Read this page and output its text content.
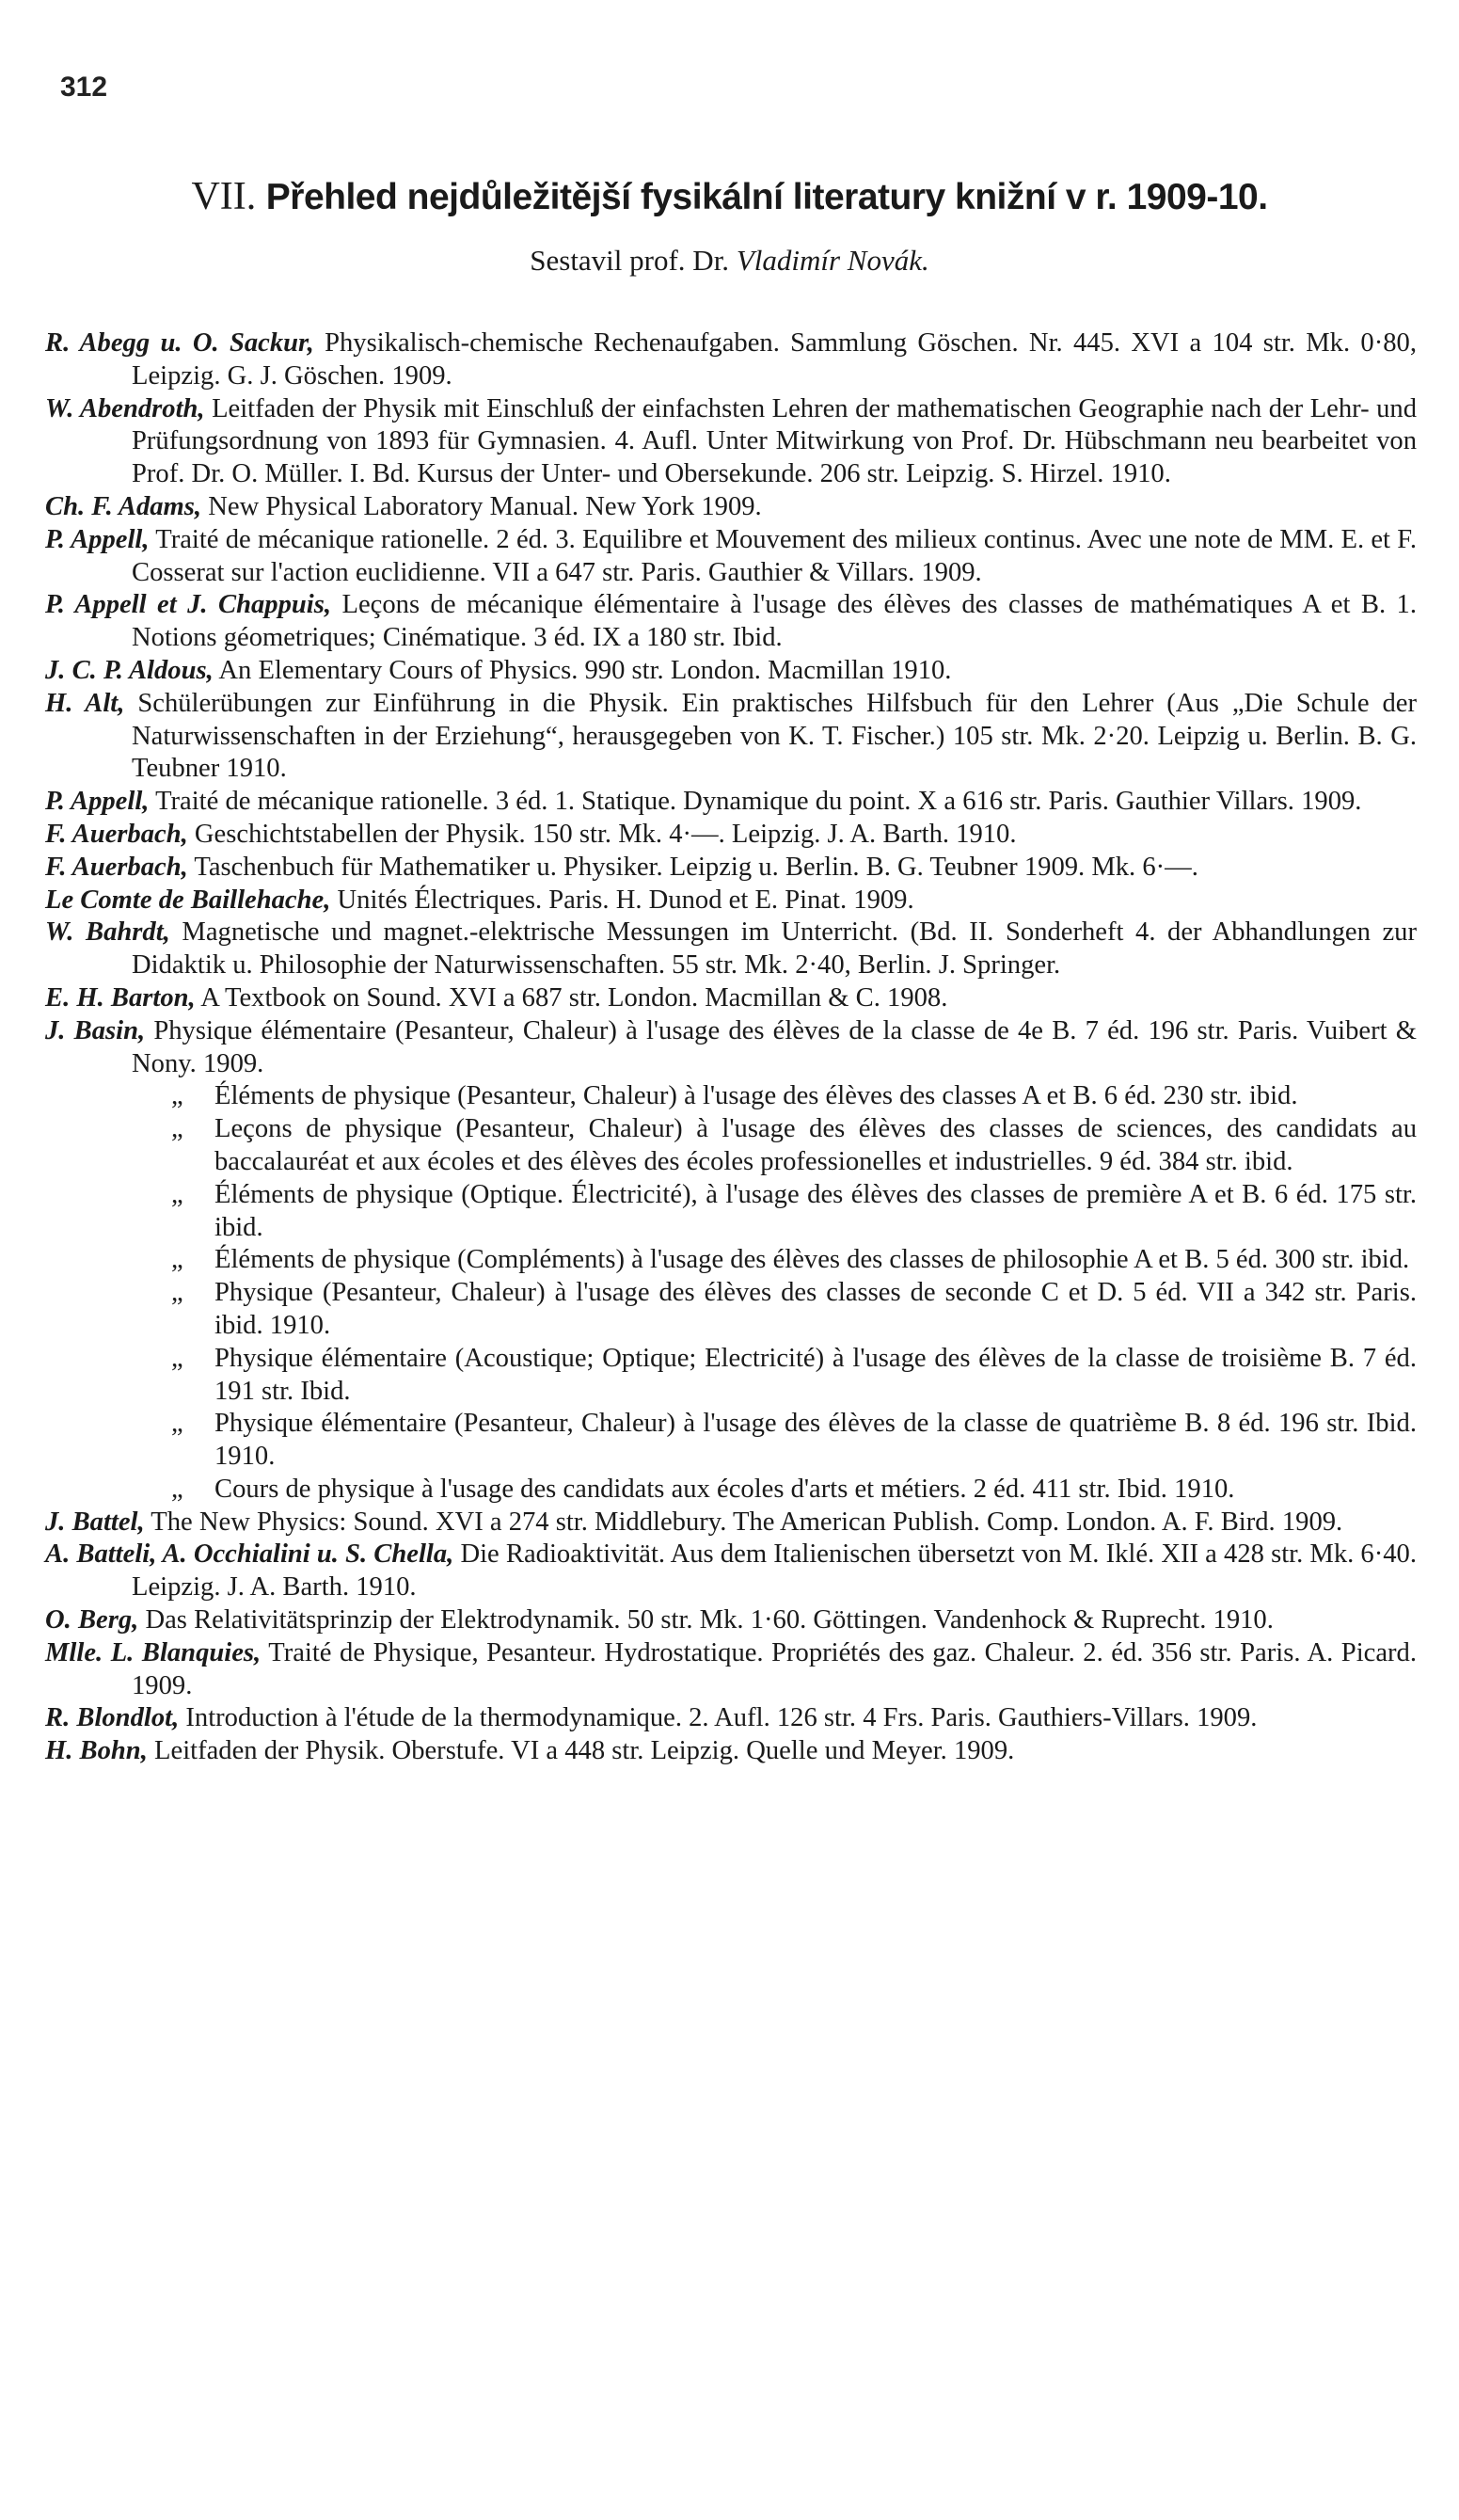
312
VII. Přehled nejdůležitější fysikální literatury knižní v r. 1909-10.
Sestavil prof. Dr. Vladimír Novák.

R. Abegg u. O. Sackur, Physikalisch-chemische Rechenaufgaben. Sammlung Göschen. Nr. 445. XVI a 104 str. Mk. 0·80, Leipzig. G. J. Göschen. 1909.

W. Abendroth, Leitfaden der Physik mit Einschluß der einfachsten Lehren der mathematischen Geographie nach der Lehr- und Prüfungsordnung von 1893 für Gymnasien. 4. Aufl. Unter Mitwirkung von Prof. Dr. Hübschmann neu bearbeitet von Prof. Dr. O. Müller. I. Bd. Kursus der Unter- und Obersekunde. 206 str. Leipzig. S. Hirzel. 1910.

Ch. F. Adams, New Physical Laboratory Manual. New York 1909.

P. Appell, Traité de mécanique rationelle. 2 éd. 3. Equilibre et Mouvement des milieux continus. Avec une note de MM. E. et F. Cosserat sur l'action euclidienne. VII a 647 str. Paris. Gauthier & Villars. 1909.

P. Appell et J. Chappuis, Leçons de mécanique élémentaire à l'usage des élèves des classes de mathématiques A et B. 1. Notions géometriques; Cinématique. 3 éd. IX a 180 str. Ibid.

J. C. P. Aldous, An Elementary Cours of Physics. 990 str. London. Macmillan 1910.

H. Alt, Schülerübungen zur Einführung in die Physik. Ein praktisches Hilfsbuch für den Lehrer (Aus „Die Schule der Naturwissenschaften in der Erziehung“, herausgegeben von K. T. Fischer.) 105 str. Mk. 2·20. Leipzig u. Berlin. B. G. Teubner 1910.

P. Appell, Traité de mécanique rationelle. 3 éd. 1. Statique. Dynamique du point. X a 616 str. Paris. Gauthier Villars. 1909.

F. Auerbach, Geschichtstabellen der Physik. 150 str. Mk. 4·—. Leipzig. J. A. Barth. 1910.

F. Auerbach, Taschenbuch für Mathematiker u. Physiker. Leipzig u. Berlin. B. G. Teubner 1909. Mk. 6·—.

Le Comte de Baillehache, Unités Électriques. Paris. H. Dunod et E. Pinat. 1909.

W. Bahrdt, Magnetische und magnet.-elektrische Messungen im Unterricht. (Bd. II. Sonderheft 4. der Abhandlungen zur Didaktik u. Philosophie der Naturwissenschaften. 55 str. Mk. 2·40, Berlin. J. Springer.

E. H. Barton, A Textbook on Sound. XVI a 687 str. London. Macmillan & C. 1908.

J. Basin, Physique élémentaire (Pesanteur, Chaleur) à l'usage des élèves de la classe de 4e B. 7 éd. 196 str. Paris. Vuibert & Nony. 1909.

„ Éléments de physique (Pesanteur, Chaleur) à l'usage des élèves des classes A et B. 6 éd. 230 str. ibid.

„ Leçons de physique (Pesanteur, Chaleur) à l'usage des élèves des classes de sciences, des candidats au baccalauréat et aux écoles et des élèves des écoles professionelles et industrielles. 9 éd. 384 str. ibid.

„ Éléments de physique (Optique. Électricité), à l'usage des élèves des classes de première A et B. 6 éd. 175 str. ibid.

„ Éléments de physique (Compléments) à l'usage des élèves des classes de philosophie A et B. 5 éd. 300 str. ibid.

„ Physique (Pesanteur, Chaleur) à l'usage des élèves des classes de seconde C et D. 5 éd. VII a 342 str. Paris. ibid. 1910.

„ Physique élémentaire (Acoustique; Optique; Electricité) à l'usage des élèves de la classe de troisième B. 7 éd. 191 str. Ibid.

„ Physique élémentaire (Pesanteur, Chaleur) à l'usage des élèves de la classe de quatrième B. 8 éd. 196 str. Ibid. 1910.

„ Cours de physique à l'usage des candidats aux écoles d'arts et métiers. 2 éd. 411 str. Ibid. 1910.

J. Battel, The New Physics: Sound. XVI a 274 str. Middlebury. The American Publish. Comp. London. A. F. Bird. 1909.

A. Batteli, A. Occhialini u. S. Chella, Die Radioaktivität. Aus dem Italienischen übersetzt von M. Iklé. XII a 428 str. Mk. 6·40. Leipzig. J. A. Barth. 1910.

O. Berg, Das Relativitätsprinzip der Elektrodynamik. 50 str. Mk. 1·60. Göttingen. Vandenhock & Ruprecht. 1910.

Mlle. L. Blanquies, Traité de Physique, Pesanteur. Hydrostatique. Propriétés des gaz. Chaleur. 2. éd. 356 str. Paris. A. Picard. 1909.

R. Blondlot, Introduction à l'étude de la thermodynamique. 2. Aufl. 126 str. 4 Frs. Paris. Gauthiers-Villars. 1909.

H. Bohn, Leitfaden der Physik. Oberstufe. VI a 448 str. Leipzig. Quelle und Meyer. 1909.
